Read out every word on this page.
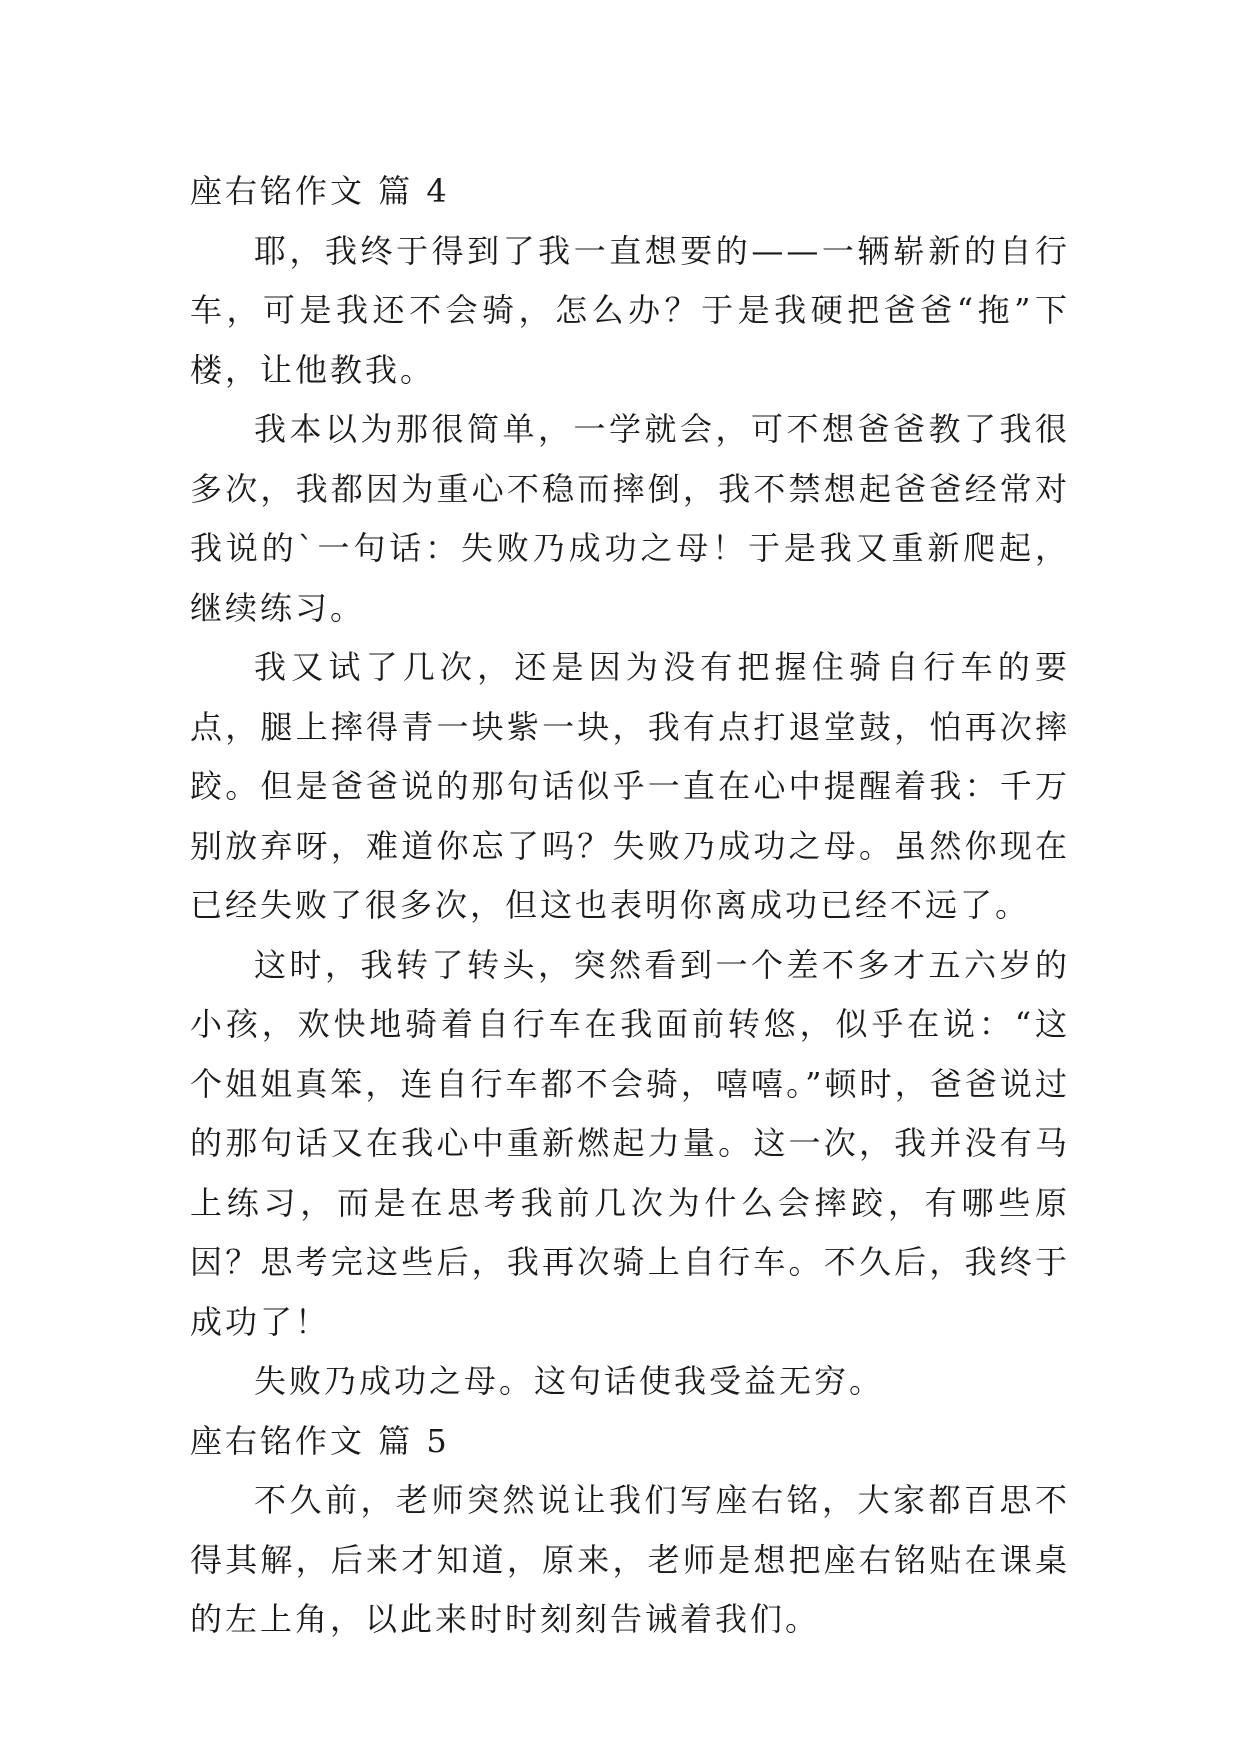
座右铭作文 篇 4

耶，我终于得到了我一直想要的——一辆崭新的自行车，可是我还不会骑，怎么办？于是我硬把爸爸“拖”下楼，让他教我。

我本以为那很简单，一学就会，可不想爸爸教了我很多次，我都因为重心不稳而摔倒，我不禁想起爸爸经常对我说的`一句话：失败乃成功之母！于是我又重新爬起，继续练习。

我又试了几次，还是因为没有把握住骑自行车的要点，腿上摔得青一块紫一块，我有点打退堂鼓，怕再次摔跤。但是爸爸说的那句话似乎一直在心中提醒着我：千万别放弃呀，难道你忘了吗？失败乃成功之母。虽然你现在已经失败了很多次，但这也表明你离成功已经不远了。

这时，我转了转头，突然看到一个差不多才五六岁的小孩，欢快地骑着自行车在我面前转悠，似乎在说：“这个姐姐真笨，连自行车都不会骑，嘻嘻。”顿时，爸爸说过的那句话又在我心中重新燃起力量。这一次，我并没有马上练习，而是在思考我前几次为什么会摔跤，有哪些原因？思考完这些后，我再次骑上自行车。不久后，我终于成功了！

失败乃成功之母。这句话使我受益无穷。

座右铭作文 篇 5

不久前，老师突然说让我们写座右铭，大家都百思不得其解，后来才知道，原来，老师是想把座右铭贴在课桌的左上角，以此来时时刻刻告诫着我们。
